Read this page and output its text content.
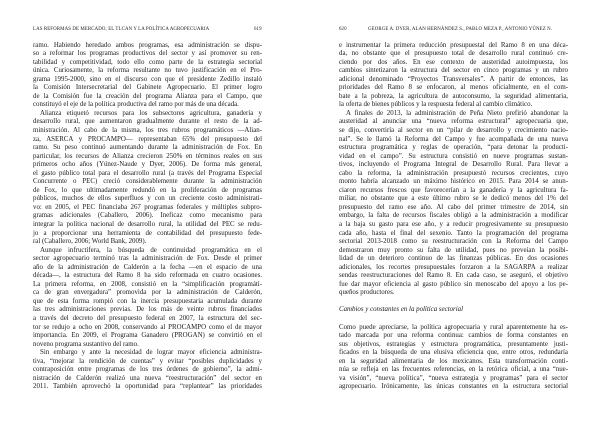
LAS REFORMAS DE MERCADO, EL TLCAN Y LA POLÍTICA AGROPECUARIA	619
ramo. Habiendo heredado ambos programas, esa administración se dispu-
so a reformar los programas productivos del sector y así promover su ren-
tabilidad y competitividad, todo ello como parte de la estrategia sectorial
única. Curiosamente, la reforma resultante no tuvo justificación en el Pro-
grama 1995-2000, sino en el discurso con que el presidente Zedillo instaló
la Comisión Intersecretarial del Gabinete Agropecuario. El primer logro
de la Comisión fue la creación del programa Alianza para el Campo, que
constituyó el eje de la política productiva del ramo por más de una década.
Alianza etiquetó recursos para los subsectores agricultura, ganadería y
desarrollo rural, que aumentaron gradualmente durante el resto de la ad-
ministración. Al cabo de la misma, los tres rubros programáticos —Alian-
za, ASERCA y PROCAMPO— representaban 65% del presupuesto del
ramo. Su peso continuó aumentando durante la administración de Fox. En
particular, los recursos de Alianza crecieron 250% en términos reales en sus
primeros ocho años (Yúnez-Naude y Dyer, 2006). De forma más general,
el gasto público total para el desarrollo rural (a través del Programa Especial
Concurrente o PEC) creció considerablemente durante la administración
de Fox, lo que ultimadamente redundó en la proliferación de programas
públicos, muchos de ellos superfluos y con un creciente costo administrati-
vo: en 2005, el PEC financiaba 267 programas federales y múltiples subpro-
gramas adicionales (Caballero, 2006). Ineficaz como mecanismo para
integrar la política nacional de desarrollo rural, la utilidad del PEC se redu-
jo a proporcionar una herramienta de contabilidad del presupuesto fede-
ral (Caballero, 2006; World Bank, 2009).
Aunque infructífera, la búsqueda de continuidad programática en el
sector agropecuario terminó tras la administración de Fox. Desde el primer
año de la administración de Calderón a la fecha —en el espacio de una
década—, la estructura del Ramo 8 ha sido reformada en cuatro ocasiones.
La primera reforma, en 2008, consistió en la “simplificación programáti-
ca de gran envergadura” promovida por la administración de Calderón,
que de esta forma rompió con la inercia presupuestaria acumulada durante
las tres administraciones previas. De los más de veinte rubros financiados
a través del decreto del presupuesto federal en 2007, la estructura del sec-
tor se redujo a ocho en 2008, conservando al PROCAMPO como el de mayor
importancia. En 2009, el Programa Ganadero (PROGAN) se convirtió en el
noveno programa sustantivo del ramo.
Sin embargo y ante la necesidad de lograr mayor eficiencia administra-
tiva, “mejorar la rendición de cuentas” y evitar “posibles duplicidades y
contraposición entre programas de los tres órdenes de gobierno”, la admi-
nistración de Calderón realizó una nueva “reestructuración” del sector en
2011. También aprovechó la oportunidad para “replantear” las prioridades
620	GEORGE A. DYER, ALAN HERNÁNDEZ S., PABLO MEZA P., ANTONIO YÚNEZ N.
e instrumentar la primera reducción presupuestal del Ramo 8 en una déca-
da, no obstante que el presupuesto total de desarrollo rural continuó cre-
ciendo por dos años. En ese contexto de austeridad autoimpuesta, los
cambios sintetizaron la estructura del sector en cinco programas y un rubro
adicional denominado “Proyectos Transversales”. A partir de entonces, las
prioridades del Ramo 8 se enfocaron, al menos oficialmente, en el com-
bate a la pobreza, la agricultura de autoconsumo, la seguridad alimentaria,
la oferta de bienes públicos y la respuesta federal al cambio climático.
A finales de 2013, la administración de Peña Nieto prefirió abandonar la
austeridad al anunciar una “nueva reforma estructural” agropecuaria que,
se dijo, convertiría al sector en un “pilar de desarrollo y crecimiento nacio-
nal”. Se le llamó la Reforma del Campo y fue acompañada de una nueva
estructura programática y reglas de operación, “para detonar la producti-
vidad en el campo”. Su estructura consistió en nueve programas sustan-
tivos, incluyendo el Programa Integral de Desarrollo Rural. Para llevar a
cabo la reforma, la administración presupuestó recursos crecientes, cuyo
monto habría alcanzado un máximo histórico en 2015. Para 2014 se anun-
ciaron recursos frescos que favorecerían a la ganadería y la agricultura fa-
miliar, no obstante que a este último rubro se le dedicó menos del 1% del
presupuesto del ramo ese año. Al cabo del primer trimestre de 2014, sin
embargo, la falta de recursos fiscales obligó a la administración a modificar
a la baja su gasto para ese año, y a reducir progresivamente su presupuesto
cada año, hasta el final del sexenio. Tanto la programación del programa
sectorial 2013-2018 como su reestructuración con la Reforma del Campo
demostraron muy pronto su falta de utilidad, pues no preveían la posibi-
lidad de un deterioro continuo de las finanzas públicas. En dos ocasiones
adicionales, los recortes presupuestales forzaron a la SAGARPA a realizar
sendas reestructuraciones del Ramo 8. En cada caso, se aseguró, el objetivo
fue dar mayor eficiencia al gasto público sin menoscabo del apoyo a los pe-
queños productores.
Cambios y constantes en la política sectorial
Como puede apreciarse, la política agropecuaria y rural aparentemente ha es-
tado marcada por una reforma continua: cambios de forma constantes en
sus objetivos, estrategias y estructura programática, presuntamente justi-
ficados en la búsqueda de una elusiva eficiencia que, entre otros, redundaría
en la seguridad alimentaria de los mexicanos. Esta transformación conti-
núa se refleja en las frecuentes referencias, en la retórica oficial, a una “nue-
va visión”, “nueva política”, “nueva estrategia y programas” para el sector
agropecuario. Irónicamente, las únicas constantes en la estructura sectorial
